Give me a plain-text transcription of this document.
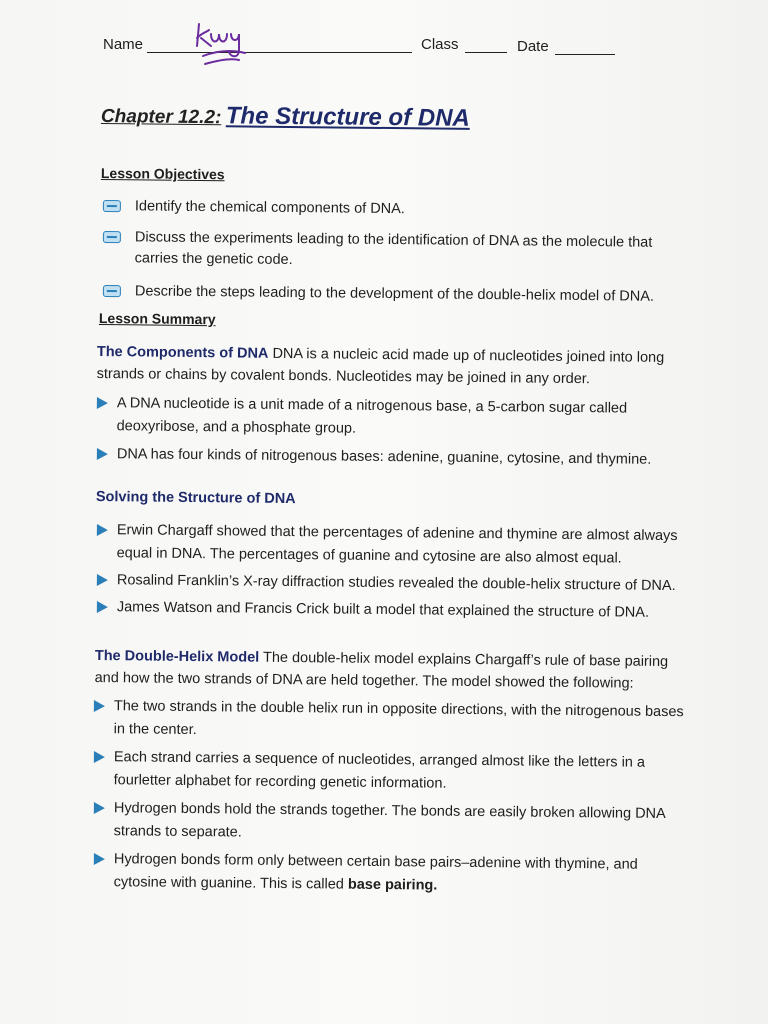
Name	Class	Date
Chapter 12.2: The Structure of DNA
Lesson Objectives
Identify the chemical components of DNA.
Discuss the experiments leading to the identification of DNA as the molecule that carries the genetic code.
Describe the steps leading to the development of the double-helix model of DNA.
Lesson Summary
The Components of DNA DNA is a nucleic acid made up of nucleotides joined into long strands or chains by covalent bonds. Nucleotides may be joined in any order.
A DNA nucleotide is a unit made of a nitrogenous base, a 5-carbon sugar called deoxyribose, and a phosphate group.
DNA has four kinds of nitrogenous bases: adenine, guanine, cytosine, and thymine.
Solving the Structure of DNA
Erwin Chargaff showed that the percentages of adenine and thymine are almost always equal in DNA. The percentages of guanine and cytosine are also almost equal.
Rosalind Franklin’s X-ray diffraction studies revealed the double-helix structure of DNA.
James Watson and Francis Crick built a model that explained the structure of DNA.
The Double-Helix Model The double-helix model explains Chargaff’s rule of base pairing and how the two strands of DNA are held together. The model showed the following:
The two strands in the double helix run in opposite directions, with the nitrogenous bases in the center.
Each strand carries a sequence of nucleotides, arranged almost like the letters in a fourletter alphabet for recording genetic information.
Hydrogen bonds hold the strands together. The bonds are easily broken allowing DNA strands to separate.
Hydrogen bonds form only between certain base pairs–adenine with thymine, and cytosine with guanine. This is called base pairing.
